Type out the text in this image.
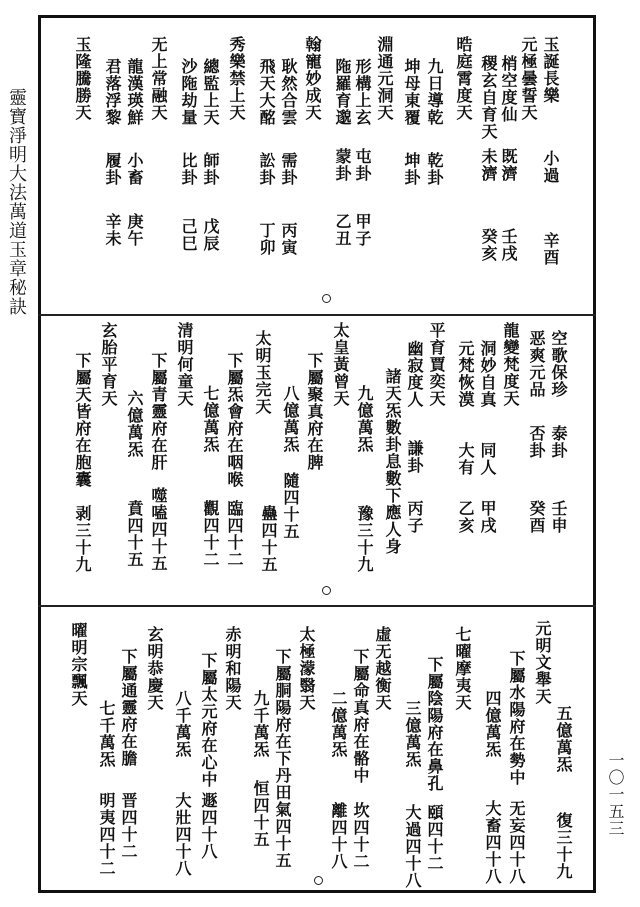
靈寶淨明大法萬道玉章秘訣
一〇一五三
玉誕長樂
小過
辛酉
元極曇誓天
梢空度仙
既濟
壬戌
稷玄自育天
未濟
癸亥
晧庭霄度天
九日導乾
乾卦
坤母東覆
坤卦
淵通元洞天
形構上玄
屯卦
甲子
陁羅育邈
蒙卦
乙丑
翰寵妙成天
耿然合雲
需卦
丙寅
飛天大酩
訟卦
丁卯
秀樂禁上天
總監上天
師卦
戊辰
沙陁劫量
比卦
己巳
无上常融天
龍漢瑛鮮
小畜
庚午
君落浮黎
履卦
辛未
玉隆騰勝天
空歌保珍
泰卦
壬申
恶爽元品
否卦
癸酉
龍變梵度天
洞妙自真
同人
甲戌
元梵恢漠
大有
乙亥
平育賈奕天
幽寂度人
謙卦
丙子
諸天炁數卦息數下應人身
九億萬炁
豫三十九
太皇黃曾天
下屬聚真府在脾
八億萬炁
隨四十五
蠱四十五
太明玉完天
下屬炁會府在咽喉
七億萬炁
臨四十二
觀四十二
清明何童天
下屬青靈府在肝
六億萬炁
噬嗑四十五
賁四十五
玄胎平育天
下屬天皆府在胞囊
剥三十九
元明文舉天
五億萬炁
復三十九
下屬水陽府在勢中
四億萬炁
无妄四十八
大畜四十八
七曜摩夷天
下屬陰陽府在鼻孔
三億萬炁
頤四十二
大過四十八
虛无越衡天
下屬命真府在骼中
二億萬炁
坎四十二
離四十八
太極濛翳天
下屬胴陽府在下丹田氣四十五
九千萬炁
恒四十五
赤明和陽天
下屬太元府在心中
八千萬炁
遯四十八
大壯四十八
玄明恭慶天
下屬通靈府在膽
七千萬炁
晋四十二
明夷四十二
曜明宗飄天
